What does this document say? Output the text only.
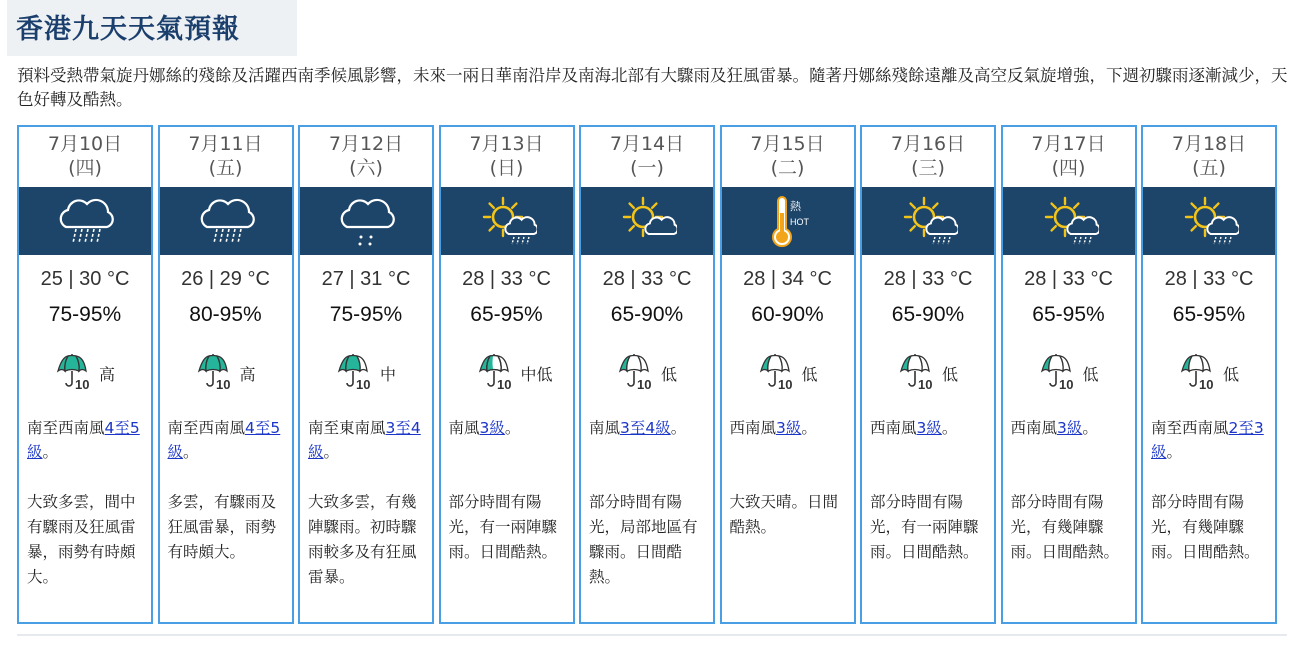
香港九天天氣預報

預料受熱帶氣旋丹娜絲的殘餘及活躍西南季候風影響，未來一兩日華南沿岸及南海北部有大驟雨及狂風雷暴。隨著丹娜絲殘餘遠離及高空反氣旋增強，下週初驟雨逐漸減少，天色好轉及酷熱。

7月10日
(四)
25 | 30 °C
75-95%
10
高
南至西南風4至5級。
大致多雲，間中有驟雨及狂風雷暴，雨勢有時頗大。
7月11日
(五)
26 | 29 °C
80-95%
10
高
南至西南風4至5級。
多雲，有驟雨及狂風雷暴，雨勢有時頗大。
7月12日
(六)
27 | 31 °C
75-95%
10
中
南至東南風3至4級。
大致多雲，有幾陣驟雨。初時驟雨較多及有狂風雷暴。
7月13日
(日)
28 | 33 °C
65-95%
10
中低
南風3級。
部分時間有陽光，有一兩陣驟雨。日間酷熱。
7月14日
(一)
28 | 33 °C
65-90%
10
低
南風3至4級。
部分時間有陽光，局部地區有驟雨。日間酷熱。
7月15日
(二)
熱
HOT
28 | 34 °C
60-90%
10
低
西南風3級。
大致天晴。日間酷熱。
7月16日
(三)
28 | 33 °C
65-90%
10
低
西南風3級。
部分時間有陽光，有一兩陣驟雨。日間酷熱。
7月17日
(四)
28 | 33 °C
65-95%
10
低
西南風3級。
部分時間有陽光，有幾陣驟雨。日間酷熱。
7月18日
(五)
28 | 33 °C
65-95%
10
低
南至西南風2至3級。
部分時間有陽光，有幾陣驟雨。日間酷熱。
